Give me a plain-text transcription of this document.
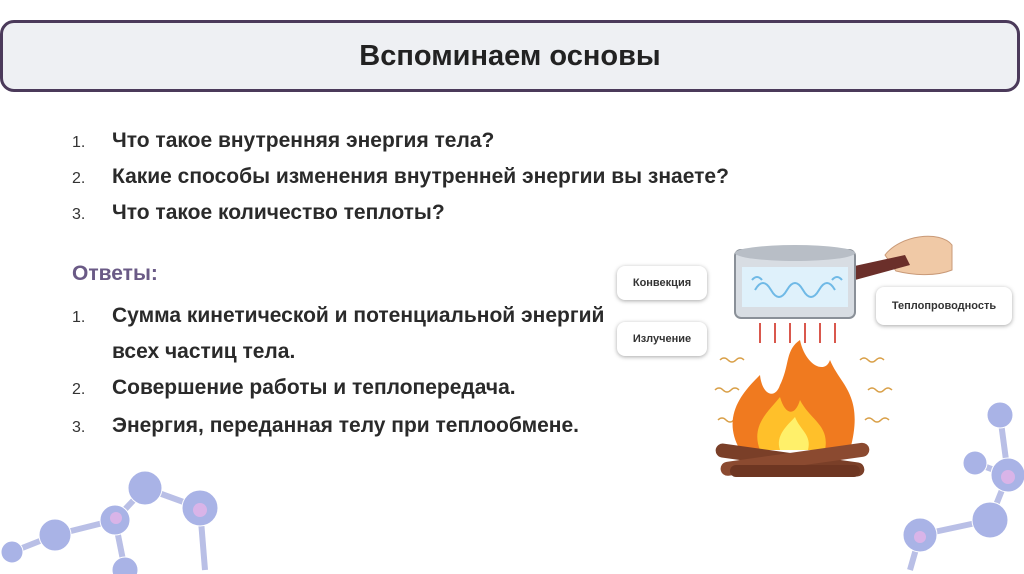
Вспоминаем основы
1.	Что такое внутренняя энергия тела?
2.	Какие способы изменения внутренней энергии вы знаете?
3.	Что такое количество теплоты?
Ответы:
1.	Сумма кинетической и потенциальной энергий всех частиц тела.
2.	Совершение работы и теплопередача.
3.	Энергия, переданная телу при теплообмене.
Конвекция
Теплопроводность
Излучение
